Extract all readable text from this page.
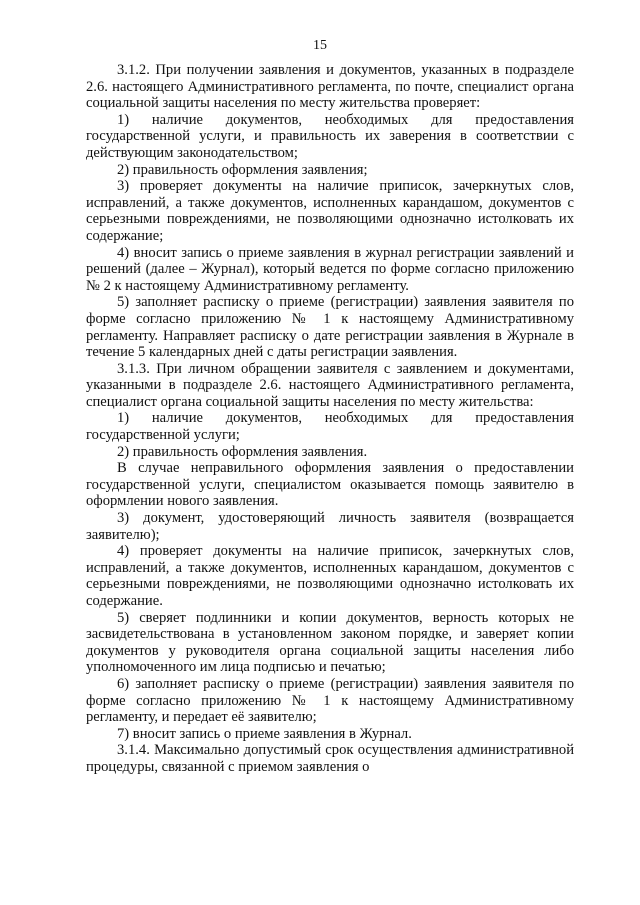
15

3.1.2. При получении заявления и документов, указанных в подразделе 2.6. настоящего Административного регламента, по почте, специалист органа социальной защиты населения по месту жительства проверяет:

1) наличие документов, необходимых для предоставления государственной услуги, и правильность их заверения в соответствии с действующим законодательством;

2) правильность оформления заявления;

3) проверяет документы на наличие приписок, зачеркнутых слов, исправлений, а также документов, исполненных карандашом, документов с серьезными повреждениями, не позволяющими однозначно истолковать их содержание;

4) вносит запись о приеме заявления в журнал регистрации заявлений и решений (далее – Журнал), который ведется по форме согласно приложению № 2 к настоящему Административному регламенту.

5) заполняет расписку о приеме (регистрации) заявления заявителя по форме согласно приложению № 1 к настоящему Административному регламенту. Направляет расписку о дате регистрации заявления в Журнале в течение 5 календарных дней с даты регистрации заявления.

3.1.3. При личном обращении заявителя с заявлением и документами, указанными в подразделе 2.6. настоящего Административного регламента, специалист органа социальной защиты населения по месту жительства:

1) наличие документов, необходимых для предоставления государственной услуги;

2) правильность оформления заявления.

В случае неправильного оформления заявления о предоставлении государственной услуги, специалистом оказывается помощь заявителю в оформлении нового заявления.

3) документ, удостоверяющий личность заявителя (возвращается заявителю);

4) проверяет документы на наличие приписок, зачеркнутых слов, исправлений, а также документов, исполненных карандашом, документов с серьезными повреждениями, не позволяющими однозначно истолковать их содержание.

5) сверяет подлинники и копии документов, верность которых не засвидетельствована в установленном законом порядке, и заверяет копии документов у руководителя органа социальной защиты населения либо уполномоченного им лица подписью и печатью;

6) заполняет расписку о приеме (регистрации) заявления заявителя по форме согласно приложению № 1 к настоящему Административному регламенту, и передает её заявителю;

7) вносит запись о приеме заявления в Журнал.

3.1.4. Максимально допустимый срок осуществления административной процедуры, связанной с приемом заявления о
